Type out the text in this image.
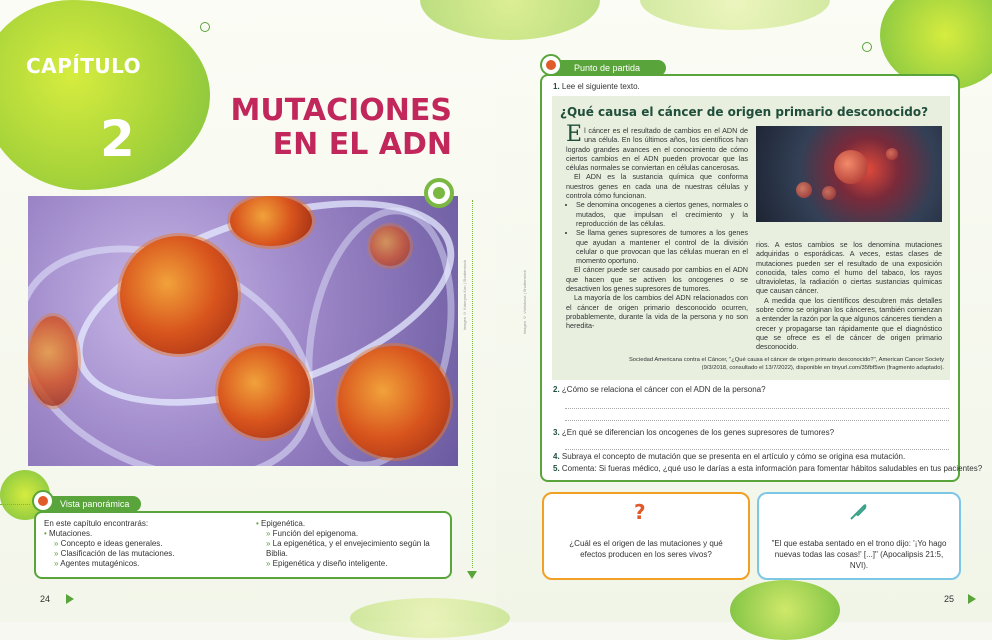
CAPÍTULO
2	MUTACIONES
EN EL ADN
Imagen © Kateryna Kon | Shutterstock
Vista panorámica
En este capítulo encontrarás:
• Mutaciones.
» Concepto e ideas generales.
» Clasificación de las mutaciones.
» Agentes mutagénicos.
• Epigenética.
» Función del epigenoma.
» La epigenética, y el envejecimiento según la Biblia.
» Epigenética y diseño inteligente.
24
Punto de partida
1. Lee el siguiente texto.
¿Qué causa el cáncer de origen primario desconocido?

El cáncer es el resultado de cambios en el ADN de una célula. En los últimos años, los científicos han logrado grandes avances en el conocimiento de cómo ciertos cambios en el ADN pueden provocar que las células normales se conviertan en células cancerosas.

El ADN es la sustancia química que conforma nuestros genes en cada una de nuestras células y controla cómo funcionan.

• Se denomina oncogenes a ciertos genes, normales o mutados, que impulsan el crecimiento y la reproducción de las células.
• Se llama genes supresores de tumores a los genes que ayudan a mantener el control de la división celular o que provocan que las células mueran en el momento oportuno.

El cáncer puede ser causado por cambios en el ADN que hacen que se activen los oncogenes o se desactiven los genes supresores de tumores.

La mayoría de los cambios del ADN relacionados con el cáncer de origen primario desconocido ocurren, probablemente, durante la vida de la persona y no son heredita-

Imagen © Vshivkova | Shutterstock

rios. A estos cambios se los denomina mutaciones adquiridas o esporádicas. A veces, estas clases de mutaciones pueden ser el resultado de una exposición conocida, tales como el humo del tabaco, los rayos ultravioletas, la radiación o ciertas sustancias químicas que causan cáncer.

A medida que los científicos descubren más detalles sobre cómo se originan los cánceres, también comienzan a entender la razón por la que algunos cánceres tienden a crecer y propagarse tan rápidamente que el diagnóstico que se ofrece es el de cáncer de origen primario desconocido.

Sociedad Americana contra el Cáncer, "¿Qué causa el cáncer de origen primario desconocido?", American Cancer Society
(9/3/2018, consultado el 13/7/2022), disponible en tinyurl.com/35fbf5wn (fragmento adaptado).
2. ¿Cómo se relaciona el cáncer con el ADN de la persona?
3. ¿En qué se diferencian los oncogenes de los genes supresores de tumores?
4. Subraya el concepto de mutación que se presenta en el artículo y cómo se origina esa mutación.
5. Comenta: Si fueras médico, ¿qué uso le darías a esta información para fomentar hábitos saludables en tus pacientes?
¿Cuál es el origen de las mutaciones y qué efectos producen en los seres vivos?
?
"El que estaba sentado en el trono dijo: '¡Yo hago nuevas todas las cosas!' [...]" (Apocalipsis 21:5, NVI).
25
